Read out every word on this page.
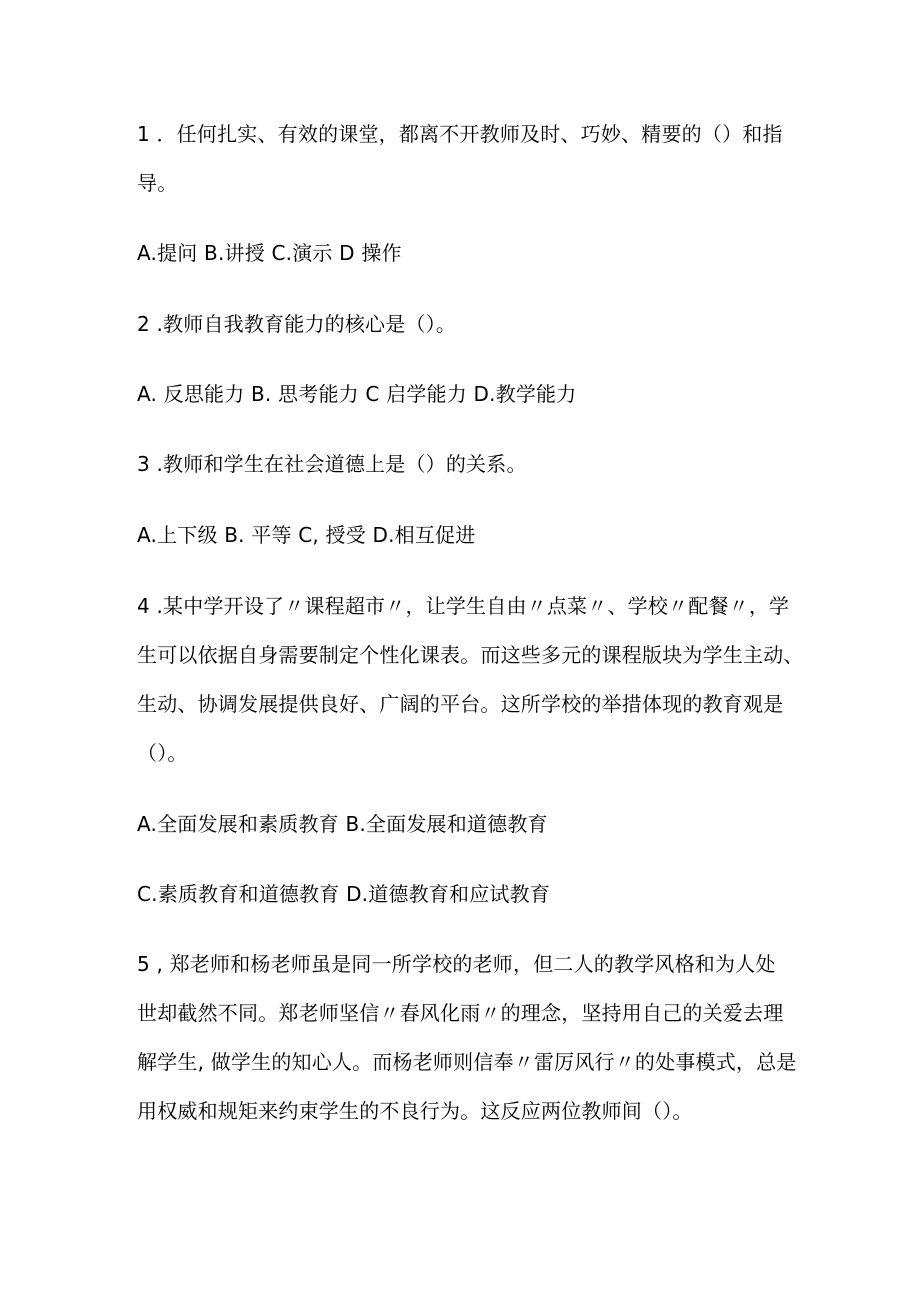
1 ．任何扎实、有效的课堂，都离不开教师及时、巧妙、精要的（）和指
导。
A.提问 B.讲授 C.演示 D 操作
2 .教师自我教育能力的核心是（）。
A. 反思能力 B. 思考能力 C 启学能力 D.教学能力
3 .教师和学生在社会道德上是（）的关系。
A.上下级 B. 平等 C, 授受 D.相互促进
4 .某中学开设了〃课程超市〃，让学生自由〃点菜〃、学校〃配餐〃，学
生可以依据自身需要制定个性化课表。而这些多元的课程版块为学生主动、
生动、协调发展提供良好、广阔的平台。这所学校的举措体现的教育观是
（）。
A.全面发展和素质教育 B.全面发展和道德教育
C.素质教育和道德教育 D.道德教育和应试教育
5 , 郑老师和杨老师虽是同一所学校的老师，但二人的教学风格和为人处
世却截然不同。郑老师坚信〃春风化雨〃的理念，坚持用自己的关爱去理
解学生, 做学生的知心人。而杨老师则信奉〃雷厉风行〃的处事模式，总是
用权威和规矩来约束学生的不良行为。这反应两位教师间（）。
